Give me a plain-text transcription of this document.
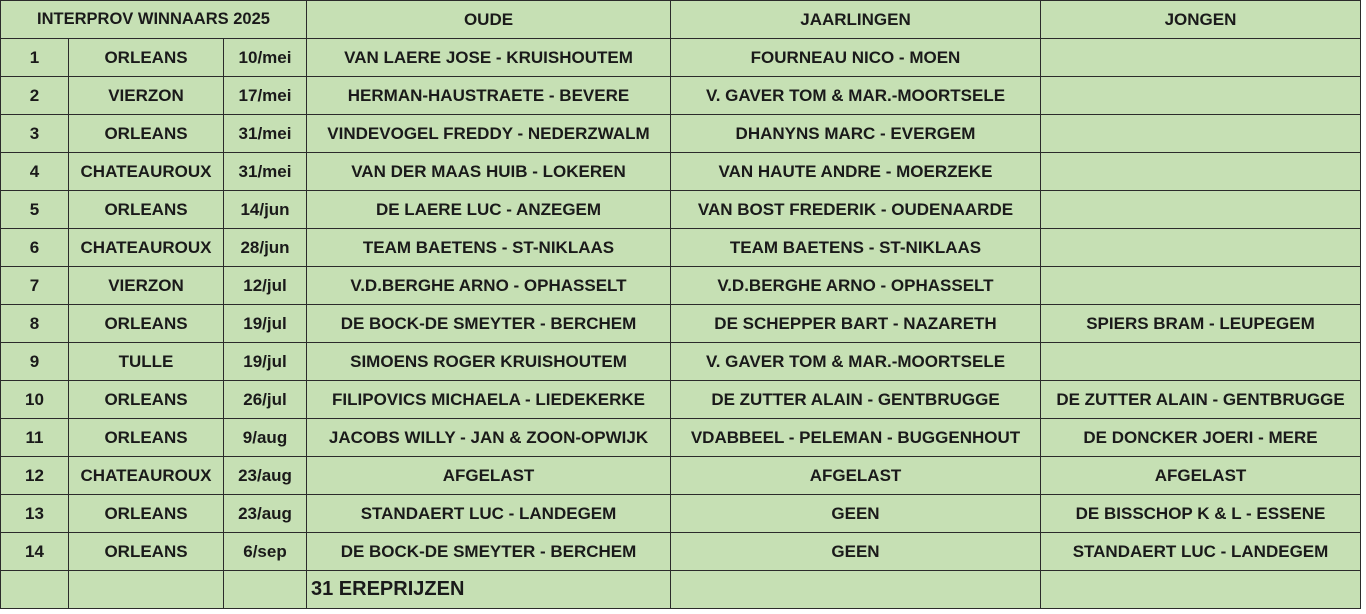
INTERPROV WINNAARS 2025			OUDE	JAARLINGEN	JONGEN
1	ORLEANS	10/mei	VAN LAERE JOSE - KRUISHOUTEM	FOURNEAU NICO - MOEN	
2	VIERZON	17/mei	HERMAN-HAUSTRAETE - BEVERE	V. GAVER TOM & MAR.-MOORTSELE	
3	ORLEANS	31/mei	VINDEVOGEL FREDDY - NEDERZWALM	DHANYNS MARC - EVERGEM	
4	CHATEAUROUX	31/mei	VAN DER MAAS HUIB - LOKEREN	VAN HAUTE ANDRE - MOERZEKE	
5	ORLEANS	14/jun	DE LAERE LUC - ANZEGEM	VAN BOST FREDERIK - OUDENAARDE	
6	CHATEAUROUX	28/jun	TEAM BAETENS - ST-NIKLAAS	TEAM BAETENS - ST-NIKLAAS	
7	VIERZON	12/jul	V.D.BERGHE ARNO - OPHASSELT	V.D.BERGHE ARNO - OPHASSELT	
8	ORLEANS	19/jul	DE BOCK-DE SMEYTER - BERCHEM	DE SCHEPPER BART - NAZARETH	SPIERS BRAM - LEUPEGEM
9	TULLE	19/jul	SIMOENS ROGER KRUISHOUTEM	V. GAVER TOM & MAR.-MOORTSELE	
10	ORLEANS	26/jul	FILIPOVICS MICHAELA - LIEDEKERKE	DE ZUTTER ALAIN - GENTBRUGGE	DE ZUTTER ALAIN - GENTBRUGGE
11	ORLEANS	9/aug	JACOBS WILLY - JAN & ZOON-OPWIJK	VDABBEEL - PELEMAN - BUGGENHOUT	DE DONCKER JOERI - MERE
12	CHATEAUROUX	23/aug	AFGELAST	AFGELAST	AFGELAST
13	ORLEANS	23/aug	STANDAERT LUC - LANDEGEM	GEEN	DE BISSCHOP K & L - ESSENE
14	ORLEANS	6/sep	DE BOCK-DE SMEYTER - BERCHEM	GEEN	STANDAERT LUC - LANDEGEM
			31 EREPRIJZEN		
